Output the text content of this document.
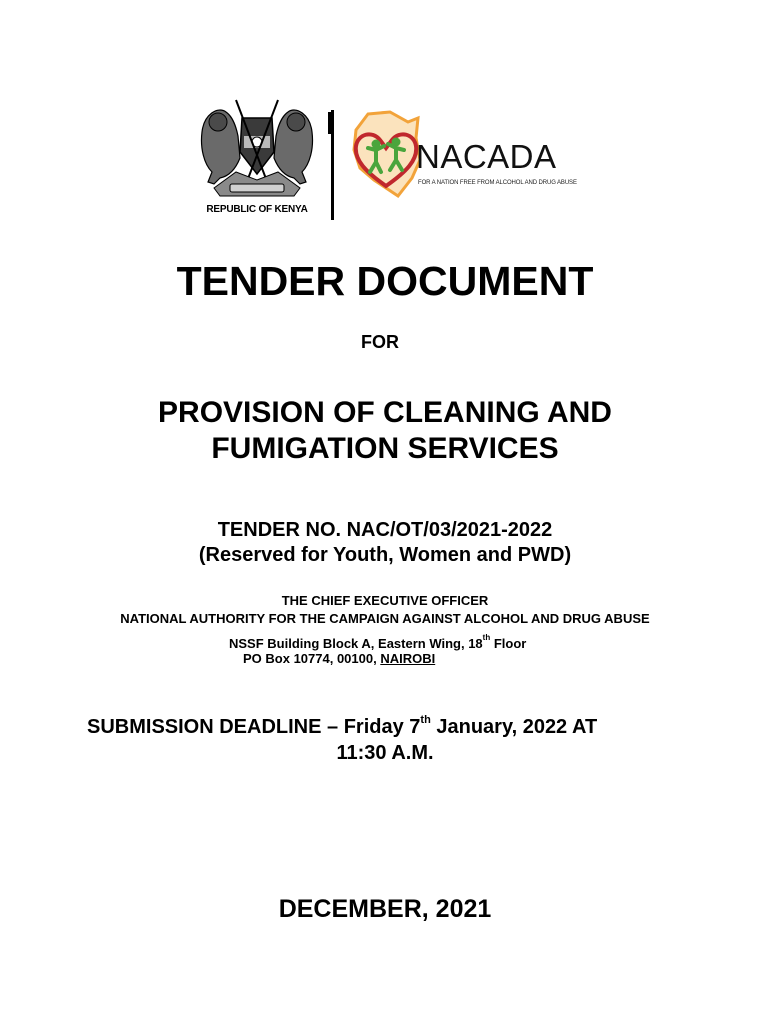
REPUBLIC OF KENYA
NACADA
FOR A NATION FREE FROM ALCOHOL AND DRUG ABUSE
TENDER DOCUMENT
FOR
PROVISION OF CLEANING AND
FUMIGATION SERVICES
TENDER NO. NAC/OT/03/2021-2022
(Reserved for Youth, Women and PWD)
THE CHIEF EXECUTIVE OFFICER
NATIONAL AUTHORITY FOR THE CAMPAIGN AGAINST ALCOHOL AND DRUG ABUSE
NSSF Building Block A, Eastern Wing, 18th Floor
PO Box 10774, 00100, NAIROBI
SUBMISSION DEADLINE – Friday 7th January, 2022 AT
11:30 A.M.
DECEMBER, 2021
